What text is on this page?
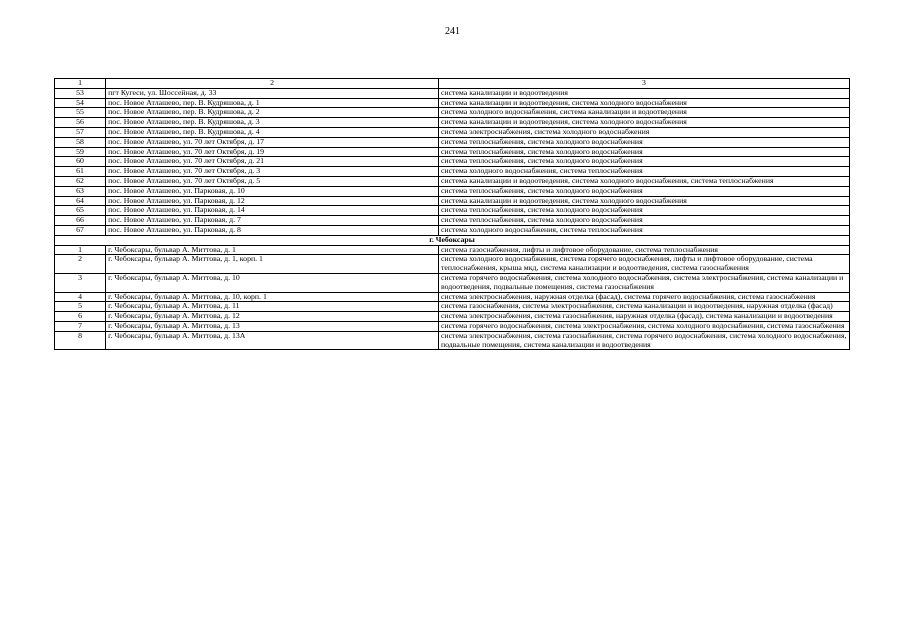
241
1	2	3
53	пгт Кугеси, ул. Шоссейная, д. 33	система канализации и водоотведения
54	пос. Новое Атлашево, пер. В. Кудряшова, д. 1	система канализации и водоотведения, система холодного водоснабжения
55	пос. Новое Атлашево, пер. В. Кудряшова, д. 2	система холодного водоснабжения, система канализации и водоотведения
56	пос. Новое Атлашево, пер. В. Кудряшова, д. 3	система канализации и водоотведения, система холодного водоснабжения
57	пос. Новое Атлашево, пер. В. Кудряшова, д. 4	система электроснабжения, система холодного водоснабжения
58	пос. Новое Атлашево, ул. 70 лет Октября, д. 17	система теплоснабжения, система холодного водоснабжения
59	пос. Новое Атлашево, ул. 70 лет Октября, д. 19	система теплоснабжения, система холодного водоснабжения
60	пос. Новое Атлашево, ул. 70 лет Октября, д. 21	система теплоснабжения, система холодного водоснабжения
61	пос. Новое Атлашево, ул. 70 лет Октября, д. 3	система холодного водоснабжения, система теплоснабжения
62	пос. Новое Атлашево, ул. 70 лет Октября, д. 5	система канализации и водоотведения, система холодного водоснабжения, система теплоснабжения
63	пос. Новое Атлашево, ул. Парковая, д. 10	система теплоснабжения, система холодного водоснабжения
64	пос. Новое Атлашево, ул. Парковая, д. 12	система канализации и водоотведения, система холодного водоснабжения
65	пос. Новое Атлашево, ул. Парковая, д. 14	система теплоснабжения, система холодного водоснабжения
66	пос. Новое Атлашево, ул. Парковая, д. 7	система теплоснабжения, система холодного водоснабжения
67	пос. Новое Атлашево, ул. Парковая, д. 8	система холодного водоснабжения, система теплоснабжения
г. Чебоксары		
1	г. Чебоксары, бульвар А. Миттова, д. 1	система газоснабжения, лифты и лифтовое оборудование, система теплоснабжения
2	г. Чебоксары, бульвар А. Миттова, д. 1, корп. 1	система холодного водоснабжения, система горячего водоснабжения, лифты и лифтовое оборудование, система теплоснабжения, крыша мкд, система канализации и водоотведения, система газоснабжения
3	г. Чебоксары, бульвар А. Миттова, д. 10	система горячего водоснабжения, система холодного водоснабжения, система электроснабжения, система канализации и водоотведения, подвальные помещения, система газоснабжения
4	г. Чебоксары, бульвар А. Миттова, д. 10, корп. 1	система электроснабжения, наружная отделка (фасад), система горячего водоснабжения, система газоснабжения
5	г. Чебоксары, бульвар А. Миттова, д. 11	система газоснабжения, система электроснабжения, система канализации и водоотведения, наружная отделка (фасад)
6	г. Чебоксары, бульвар А. Миттова, д. 12	система электроснабжения, система газоснабжения, наружная отделка (фасад), система канализации и водоотведения
7	г. Чебоксары, бульвар А. Миттова, д. 13	система горячего водоснабжения, система электроснабжения, система холодного водоснабжения, система газоснабжения
8	г. Чебоксары, бульвар А. Миттова, д. 13А	система электроснабжения, система газоснабжения, система горячего водоснабжения, система холодного водоснабжения, подвальные помещения, система канализации и водоотведения
